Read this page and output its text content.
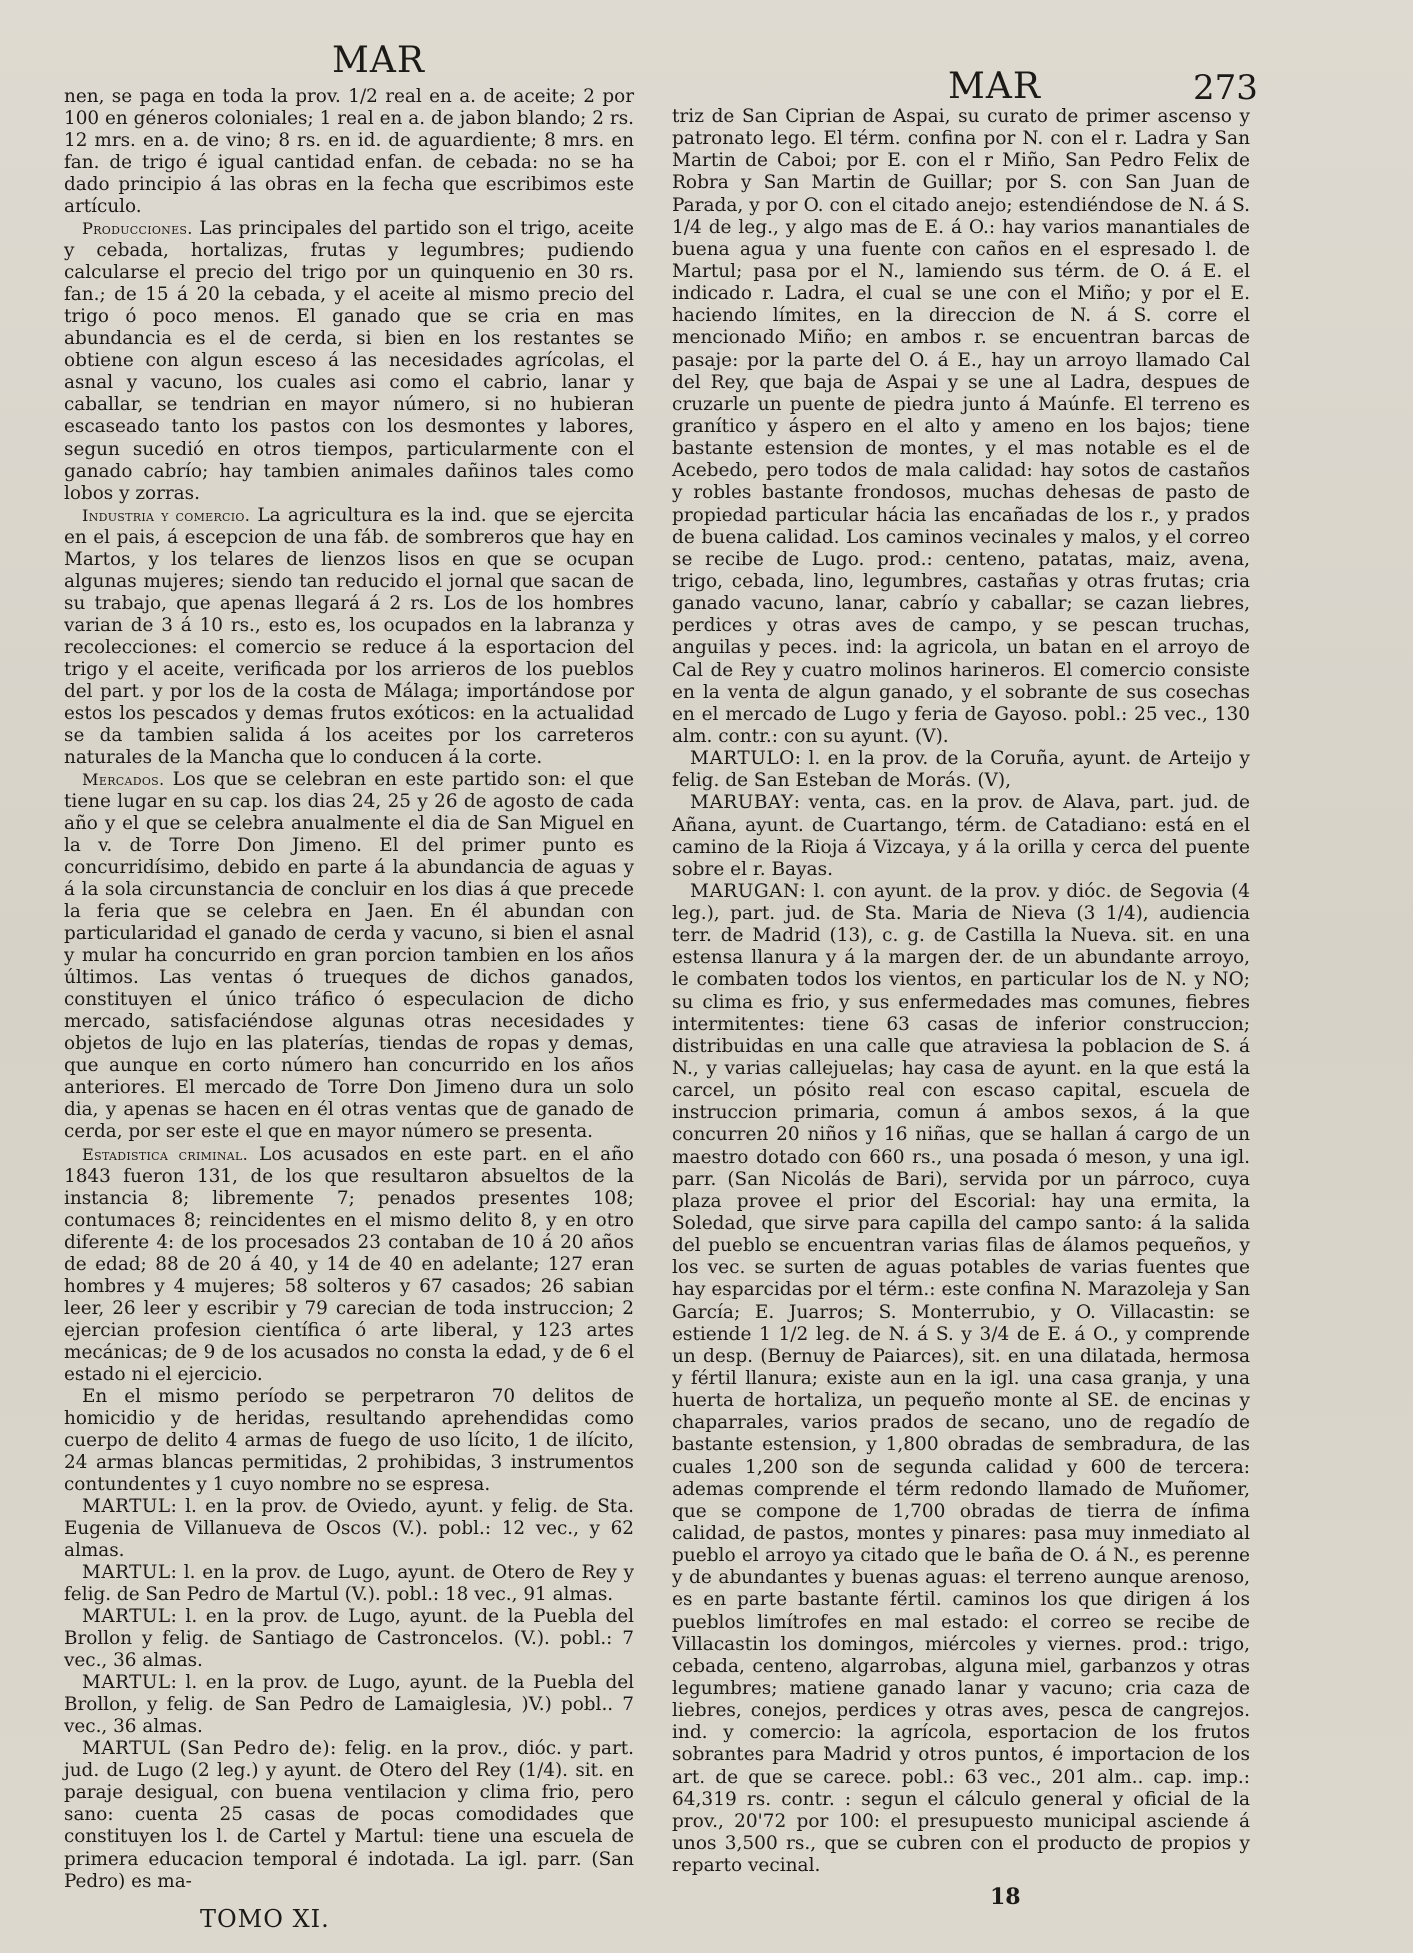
MAR
MAR	273

nen, se paga en toda la prov. 1/2 real en a. de aceite; 2 por 100 en géneros coloniales; 1 real en a. de jabon blando; 2 rs. 12 mrs. en a. de vino; 8 rs. en id. de aguardiente; 8 mrs. en fan. de trigo é igual cantidad enfan. de cebada: no se ha dado principio á las obras en la fecha que escribimos este artículo.

Producciones. Las principales del partido son el trigo, aceite y cebada, hortalizas, frutas y legumbres; pudiendo calcularse el precio del trigo por un quinquenio en 30 rs. fan.; de 15 á 20 la cebada, y el aceite al mismo precio del trigo ó poco menos. El ganado que se cria en mas abundancia es el de cerda, si bien en los restantes se obtiene con algun esceso á las necesidades agrícolas, el asnal y vacuno, los cuales asi como el cabrio, lanar y caballar, se tendrian en mayor número, si no hubieran escaseado tanto los pastos con los desmontes y labores, segun sucedió en otros tiempos, particularmente con el ganado cabrío; hay tambien animales dañinos tales como lobos y zorras.

Industria y comercio. La agricultura es la ind. que se ejercita en el pais, á escepcion de una fáb. de sombreros que hay en Martos, y los telares de lienzos lisos en que se ocupan algunas mujeres; siendo tan reducido el jornal que sacan de su trabajo, que apenas llegará á 2 rs. Los de los hombres varian de 3 á 10 rs., esto es, los ocupados en la labranza y recolecciones: el comercio se reduce á la esportacion del trigo y el aceite, verificada por los arrieros de los pueblos del part. y por los de la costa de Málaga; importándose por estos los pescados y demas frutos exóticos: en la actualidad se da tambien salida á los aceites por los carreteros naturales de la Mancha que lo conducen á la corte.

Mercados. Los que se celebran en este partido son: el que tiene lugar en su cap. los dias 24, 25 y 26 de agosto de cada año y el que se celebra anualmente el dia de San Miguel en la v. de Torre Don Jimeno. El del primer punto es concurridísimo, debido en parte á la abundancia de aguas y á la sola circunstancia de concluir en los dias á que precede la feria que se celebra en Jaen. En él abundan con particularidad el ganado de cerda y vacuno, si bien el asnal y mular ha concurrido en gran porcion tambien en los años últimos. Las ventas ó trueques de dichos ganados, constituyen el único tráfico ó especulacion de dicho mercado, satisfaciéndose algunas otras necesidades y objetos de lujo en las platerías, tiendas de ropas y demas, que aunque en corto número han concurrido en los años anteriores. El mercado de Torre Don Jimeno dura un solo dia, y apenas se hacen en él otras ventas que de ganado de cerda, por ser este el que en mayor número se presenta.

Estadistica criminal. Los acusados en este part. en el año 1843 fueron 131, de los que resultaron absueltos de la instancia 8; libremente 7; penados presentes 108; contumaces 8; reincidentes en el mismo delito 8, y en otro diferente 4: de los procesados 23 contaban de 10 á 20 años de edad; 88 de 20 á 40, y 14 de 40 en adelante; 127 eran hombres y 4 mujeres; 58 solteros y 67 casados; 26 sabian leer, 26 leer y escribir y 79 carecian de toda instruccion; 2 ejercian profesion científica ó arte liberal, y 123 artes mecánicas; de 9 de los acusados no consta la edad, y de 6 el estado ni el ejercicio.

En el mismo período se perpetraron 70 delitos de homicidio y de heridas, resultando aprehendidas como cuerpo de delito 4 armas de fuego de uso lícito, 1 de ilícito, 24 armas blancas permitidas, 2 prohibidas, 3 instrumentos contundentes y 1 cuyo nombre no se espresa.

MARTUL: l. en la prov. de Oviedo, ayunt. y felig. de Sta. Eugenia de Villanueva de Oscos (V.). pobl.: 12 vec., y 62 almas.

MARTUL: l. en la prov. de Lugo, ayunt. de Otero de Rey y felig. de San Pedro de Martul (V.). pobl.: 18 vec., 91 almas.

MARTUL: l. en la prov. de Lugo, ayunt. de la Puebla del Brollon y felig. de Santiago de Castroncelos. (V.). pobl.: 7 vec., 36 almas.

MARTUL: l. en la prov. de Lugo, ayunt. de la Puebla del Brollon, y felig. de San Pedro de Lamaiglesia, )V.) pobl.. 7 vec., 36 almas.

MARTUL (San Pedro de): felig. en la prov., dióc. y part. jud. de Lugo (2 leg.) y ayunt. de Otero del Rey (1/4). sit. en paraje desigual, con buena ventilacion y clima frio, pero sano: cuenta 25 casas de pocas comodidades que constituyen los l. de Cartel y Martul: tiene una escuela de primera educacion temporal é indotada. La igl. parr. (San Pedro) es ma-

triz de San Ciprian de Aspai, su curato de primer ascenso y patronato lego. El térm. confina por N. con el r. Ladra y San Martin de Caboi; por E. con el r Miño, San Pedro Felix de Robra y San Martin de Guillar; por S. con San Juan de Parada, y por O. con el citado anejo; estendiéndose de N. á S. 1/4 de leg., y algo mas de E. á O.: hay varios manantiales de buena agua y una fuente con caños en el espresado l. de Martul; pasa por el N., lamiendo sus térm. de O. á E. el indicado r. Ladra, el cual se une con el Miño; y por el E. haciendo límites, en la direccion de N. á S. corre el mencionado Miño; en ambos r. se encuentran barcas de pasaje: por la parte del O. á E., hay un arroyo llamado Cal del Rey, que baja de Aspai y se une al Ladra, despues de cruzarle un puente de piedra junto á Maúnfe. El terreno es granítico y áspero en el alto y ameno en los bajos; tiene bastante estension de montes, y el mas notable es el de Acebedo, pero todos de mala calidad: hay sotos de castaños y robles bastante frondosos, muchas dehesas de pasto de propiedad particular hácia las encañadas de los r., y prados de buena calidad. Los caminos vecinales y malos, y el correo se recibe de Lugo. prod.: centeno, patatas, maiz, avena, trigo, cebada, lino, legumbres, castañas y otras frutas; cria ganado vacuno, lanar, cabrío y caballar; se cazan liebres, perdices y otras aves de campo, y se pescan truchas, anguilas y peces. ind: la agricola, un batan en el arroyo de Cal de Rey y cuatro molinos harineros. El comercio consiste en la venta de algun ganado, y el sobrante de sus cosechas en el mercado de Lugo y feria de Gayoso. pobl.: 25 vec., 130 alm. contr.: con su ayunt. (V).

MARTULO: l. en la prov. de la Coruña, ayunt. de Arteijo y felig. de San Esteban de Morás. (V),

MARUBAY: venta, cas. en la prov. de Alava, part. jud. de Añana, ayunt. de Cuartango, térm. de Catadiano: está en el camino de la Rioja á Vizcaya, y á la orilla y cerca del puente sobre el r. Bayas.

MARUGAN: l. con ayunt. de la prov. y dióc. de Segovia (4 leg.), part. jud. de Sta. Maria de Nieva (3 1/4), audiencia terr. de Madrid (13), c. g. de Castilla la Nueva. sit. en una estensa llanura y á la margen der. de un abundante arroyo, le combaten todos los vientos, en particular los de N. y NO; su clima es frio, y sus enfermedades mas comunes, fiebres intermitentes: tiene 63 casas de inferior construccion; distribuidas en una calle que atraviesa la poblacion de S. á N., y varias callejuelas; hay casa de ayunt. en la que está la carcel, un pósito real con escaso capital, escuela de instruccion primaria, comun á ambos sexos, á la que concurren 20 niños y 16 niñas, que se hallan á cargo de un maestro dotado con 660 rs., una posada ó meson, y una igl. parr. (San Nicolás de Bari), servida por un párroco, cuya plaza provee el prior del Escorial: hay una ermita, la Soledad, que sirve para capilla del campo santo: á la salida del pueblo se encuentran varias filas de álamos pequeños, y los vec. se surten de aguas potables de varias fuentes que hay esparcidas por el térm.: este confina N. Marazoleja y San García; E. Juarros; S. Monterrubio, y O. Villacastin: se estiende 1 1/2 leg. de N. á S. y 3/4 de E. á O., y comprende un desp. (Bernuy de Paiarces), sit. en una dilatada, hermosa y fértil llanura; existe aun en la igl. una casa granja, y una huerta de hortaliza, un pequeño monte al SE. de encinas y chaparrales, varios prados de secano, uno de regadío de bastante estension, y 1,800 obradas de sembradura, de las cuales 1,200 son de segunda calidad y 600 de tercera: ademas comprende el térm redondo llamado de Muñomer, que se compone de 1,700 obradas de tierra de ínfima calidad, de pastos, montes y pinares: pasa muy inmediato al pueblo el arroyo ya citado que le baña de O. á N., es perenne y de abundantes y buenas aguas: el terreno aunque arenoso, es en parte bastante fértil. caminos los que dirigen á los pueblos limítrofes en mal estado: el correo se recibe de Villacastin los domingos, miércoles y viernes. prod.: trigo, cebada, centeno, algarrobas, alguna miel, garbanzos y otras legumbres; matiene ganado lanar y vacuno; cria caza de liebres, conejos, perdices y otras aves, pesca de cangrejos. ind. y comercio: la agrícola, esportacion de los frutos sobrantes para Madrid y otros puntos, é importacion de los art. de que se carece. pobl.: 63 vec., 201 alm.. cap. imp.: 64,319 rs. contr. : segun el cálculo general y oficial de la prov., 20'72 por 100: el presupuesto municipal asciende á unos 3,500 rs., que se cubren con el producto de propios y reparto vecinal.

TOMO XI.
18
